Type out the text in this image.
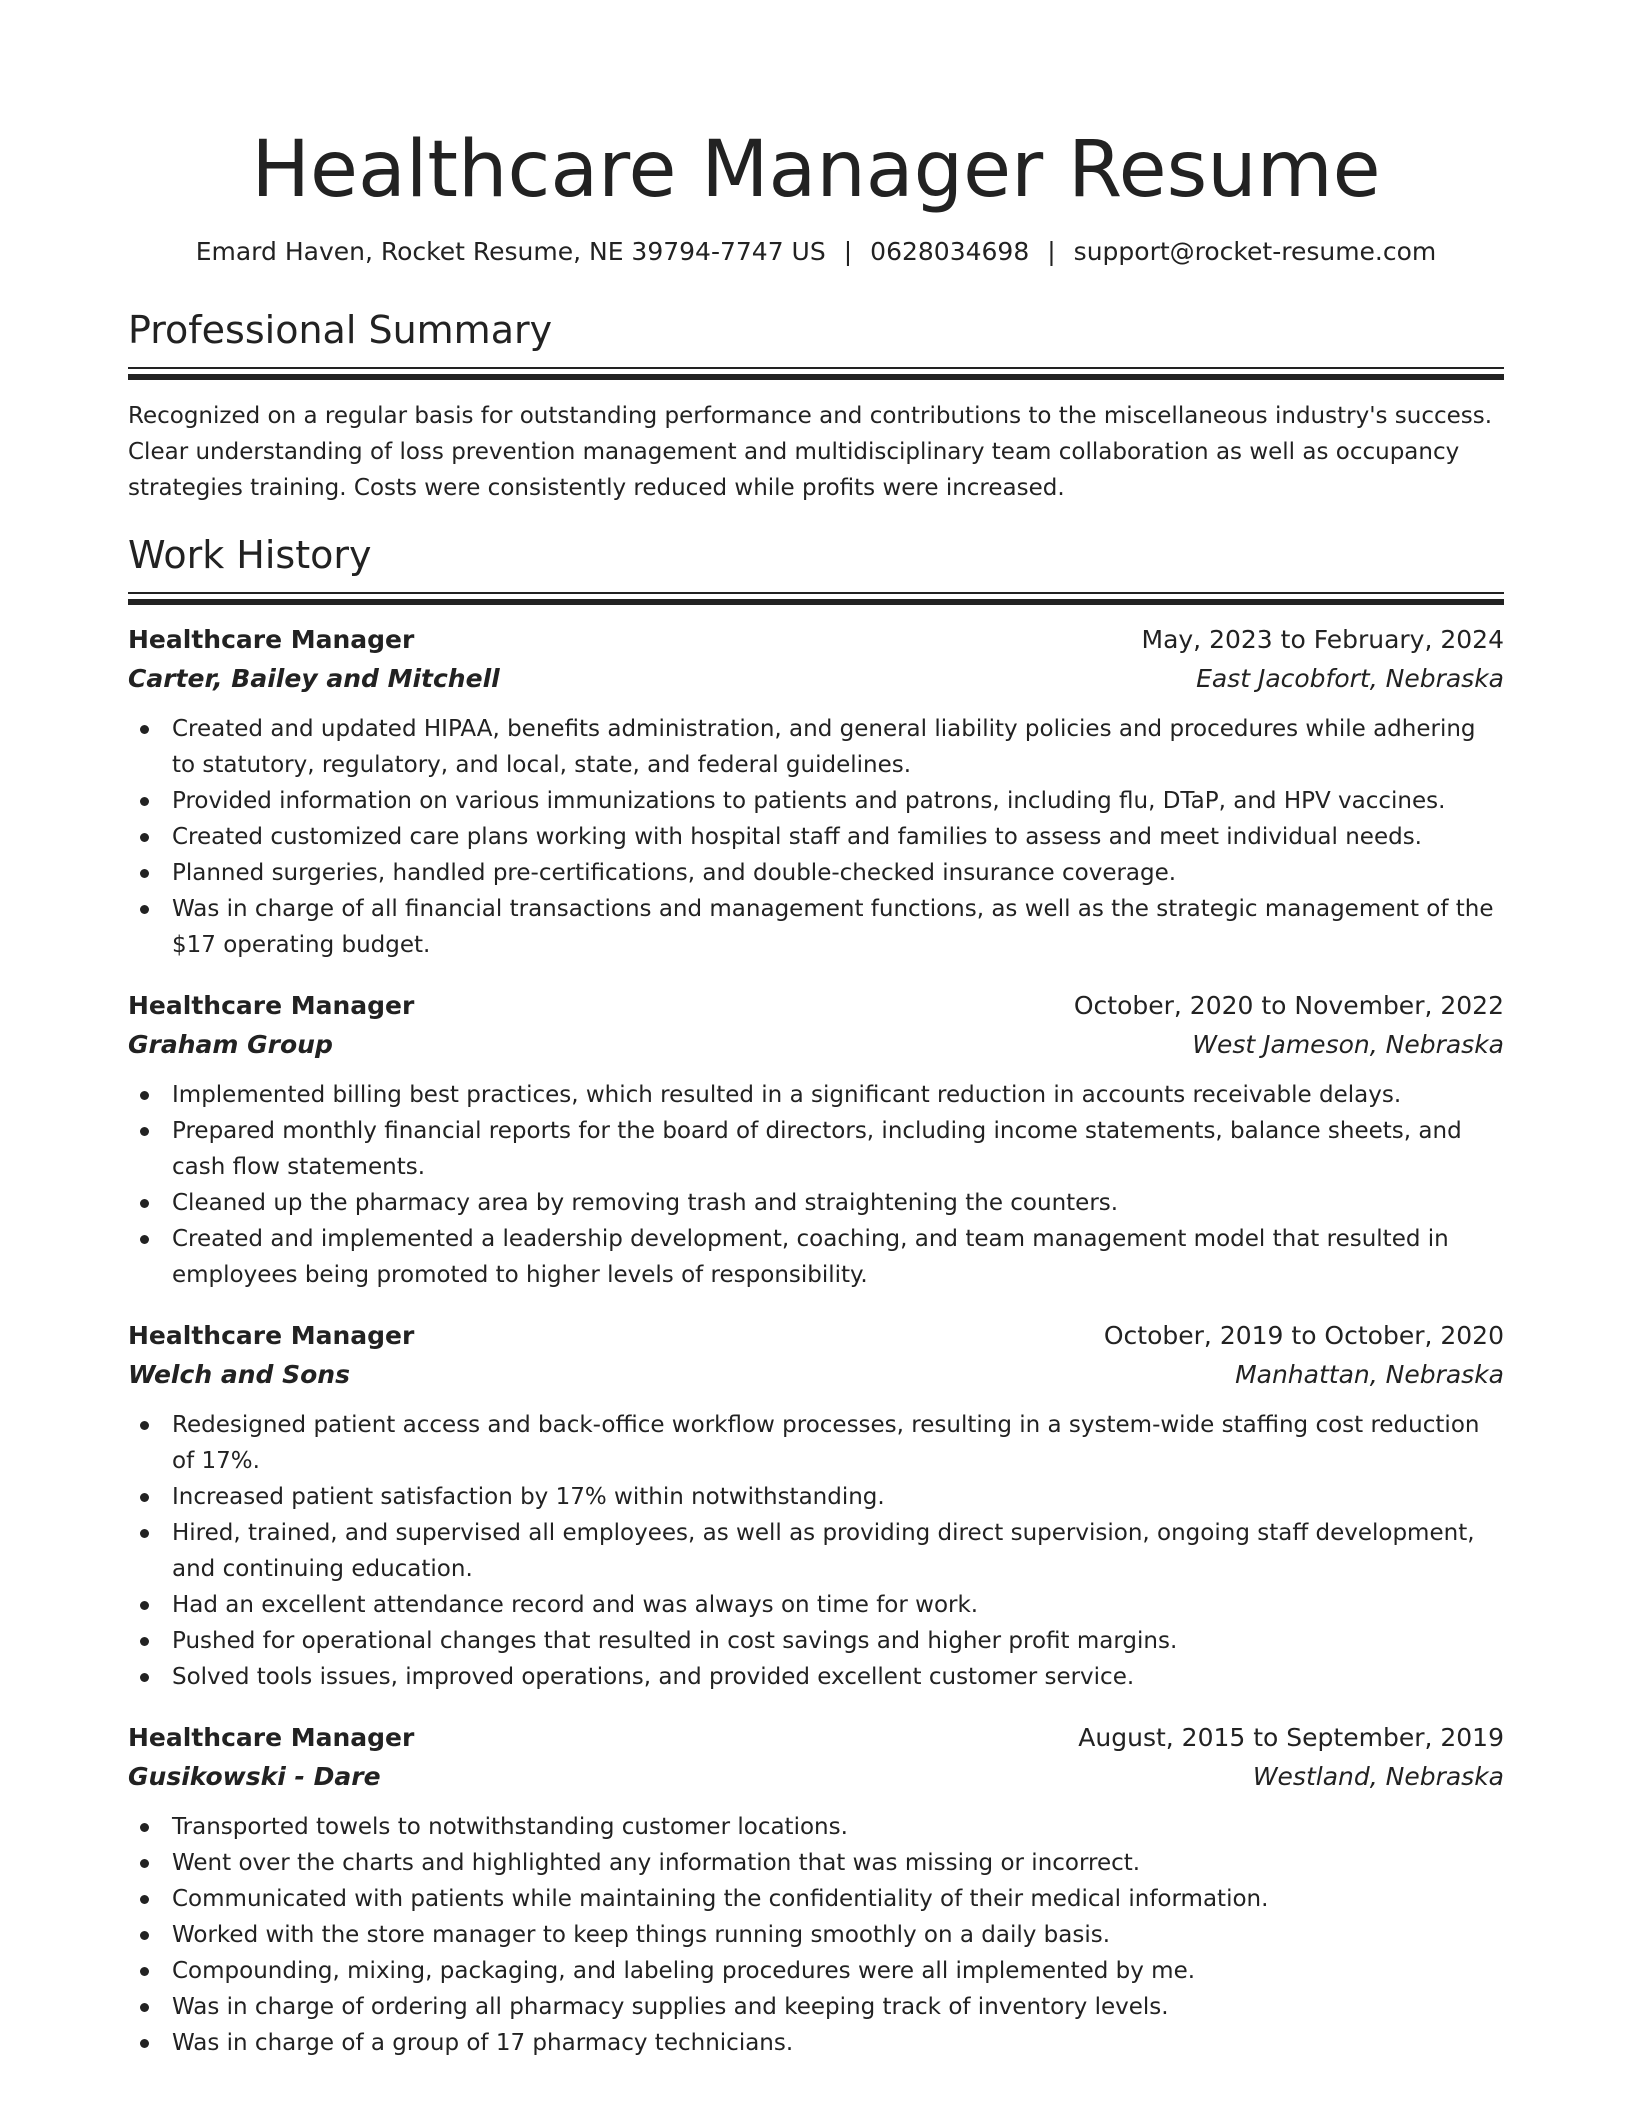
Healthcare Manager Resume
Emard Haven, Rocket Resume, NE 39794-7747 US | 0628034698 | support@rocket-resume.com
Professional Summary
Recognized on a regular basis for outstanding performance and contributions to the miscellaneous industry's success.
Clear understanding of loss prevention management and multidisciplinary team collaboration as well as occupancy
strategies training. Costs were consistently reduced while profits were increased.
Work History
Healthcare Manager	May, 2023 to February, 2024
Carter, Bailey and Mitchell	East Jacobfort, Nebraska
Created and updated HIPAA, benefits administration, and general liability policies and procedures while adhering to statutory, regulatory, and local, state, and federal guidelines.
Provided information on various immunizations to patients and patrons, including flu, DTaP, and HPV vaccines.
Created customized care plans working with hospital staff and families to assess and meet individual needs.
Planned surgeries, handled pre-certifications, and double-checked insurance coverage.
Was in charge of all financial transactions and management functions, as well as the strategic management of the $17 operating budget.
Healthcare Manager	October, 2020 to November, 2022
Graham Group	West Jameson, Nebraska
Implemented billing best practices, which resulted in a significant reduction in accounts receivable delays.
Prepared monthly financial reports for the board of directors, including income statements, balance sheets, and cash flow statements.
Cleaned up the pharmacy area by removing trash and straightening the counters.
Created and implemented a leadership development, coaching, and team management model that resulted in employees being promoted to higher levels of responsibility.
Healthcare Manager	October, 2019 to October, 2020
Welch and Sons	Manhattan, Nebraska
Redesigned patient access and back-office workflow processes, resulting in a system-wide staffing cost reduction of 17%.
Increased patient satisfaction by 17% within notwithstanding.
Hired, trained, and supervised all employees, as well as providing direct supervision, ongoing staff development, and continuing education.
Had an excellent attendance record and was always on time for work.
Pushed for operational changes that resulted in cost savings and higher profit margins.
Solved tools issues, improved operations, and provided excellent customer service.
Healthcare Manager	August, 2015 to September, 2019
Gusikowski - Dare	Westland, Nebraska
Transported towels to notwithstanding customer locations.
Went over the charts and highlighted any information that was missing or incorrect.
Communicated with patients while maintaining the confidentiality of their medical information.
Worked with the store manager to keep things running smoothly on a daily basis.
Compounding, mixing, packaging, and labeling procedures were all implemented by me.
Was in charge of ordering all pharmacy supplies and keeping track of inventory levels.
Was in charge of a group of 17 pharmacy technicians.
